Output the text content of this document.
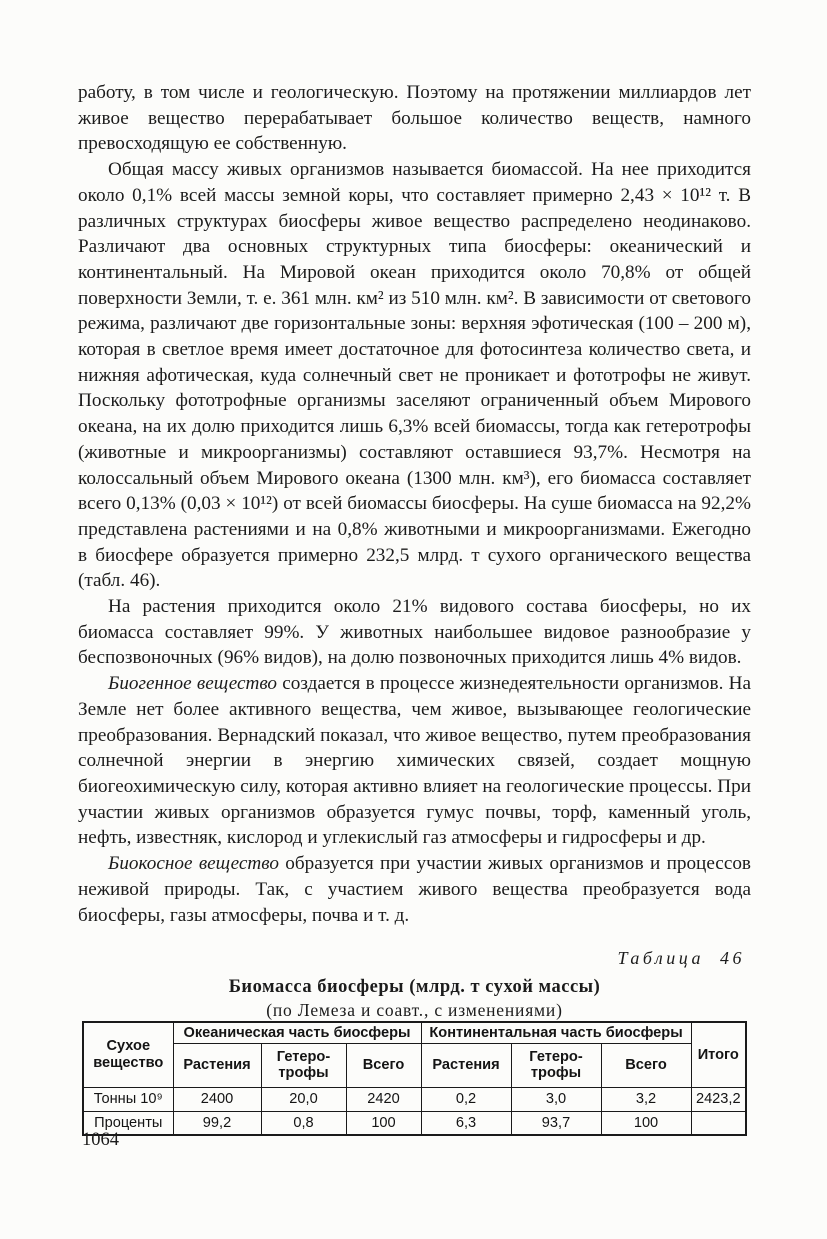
работу, в том числе и геологическую. Поэтому на протяжении миллиардов лет живое вещество перерабатывает большое количество веществ, намного превосходящую ее собственную.

Общая массу живых организмов называется биомассой. На нее приходится около 0,1% всей массы земной коры, что составляет примерно 2,43 × 10¹² т. В различных структурах биосферы живое вещество распределено неодинаково. Различают два основных структурных типа биосферы: океанический и континентальный. На Мировой океан приходится около 70,8% от общей поверхности Земли, т. е. 361 млн. км² из 510 млн. км². В зависимости от светового режима, различают две горизонтальные зоны: верхняя эфотическая (100 – 200 м), которая в светлое время имеет достаточное для фотосинтеза количество света, и нижняя афотическая, куда солнечный свет не проникает и фототрофы не живут. Поскольку фототрофные организмы заселяют ограниченный объем Мирового океана, на их долю приходится лишь 6,3% всей биомассы, тогда как гетеротрофы (животные и микроорганизмы) составляют оставшиеся 93,7%. Несмотря на колоссальный объем Мирового океана (1300 млн. км³), его биомасса составляет всего 0,13% (0,03 × 10¹²) от всей биомассы биосферы. На суше биомасса на 92,2% представлена растениями и на 0,8% животными и микроорганизмами. Ежегодно в биосфере образуется примерно 232,5 млрд. т сухого органического вещества (табл. 46).

На растения приходится около 21% видового состава биосферы, но их биомасса составляет 99%. У животных наибольшее видовое разнообразие у беспозвоночных (96% видов), на долю позвоночных приходится лишь 4% видов.

Биогенное вещество создается в процессе жизнедеятельности организмов. На Земле нет более активного вещества, чем живое, вызывающее геологические преобразования. Вернадский показал, что живое вещество, путем преобразования солнечной энергии в энергию химических связей, создает мощную биогеохимическую силу, которая активно влияет на геологические процессы. При участии живых организмов образуется гумус почвы, торф, каменный уголь, нефть, известняк, кислород и углекислый газ атмосферы и гидросферы и др.

Биокосное вещество образуется при участии живых организмов и процессов неживой природы. Так, с участием живого вещества преобразуется вода биосферы, газы атмосферы, почва и т. д.

Таблица 46
Биомасса биосферы (млрд. т сухой массы)
(по Лемеза и соавт., с изменениями)
Сухое вещество	Океаническая часть биосферы			Континентальная часть биосферы			Итого
	Растения	Гетеро-трофы	Всего	Растения	Гетеро-трофы	Всего	
Тонны 10⁹	2400	20,0	2420	0,2	3,0	3,2	2423,2
Проценты	99,2	0,8	100	6,3	93,7	100	
1064
